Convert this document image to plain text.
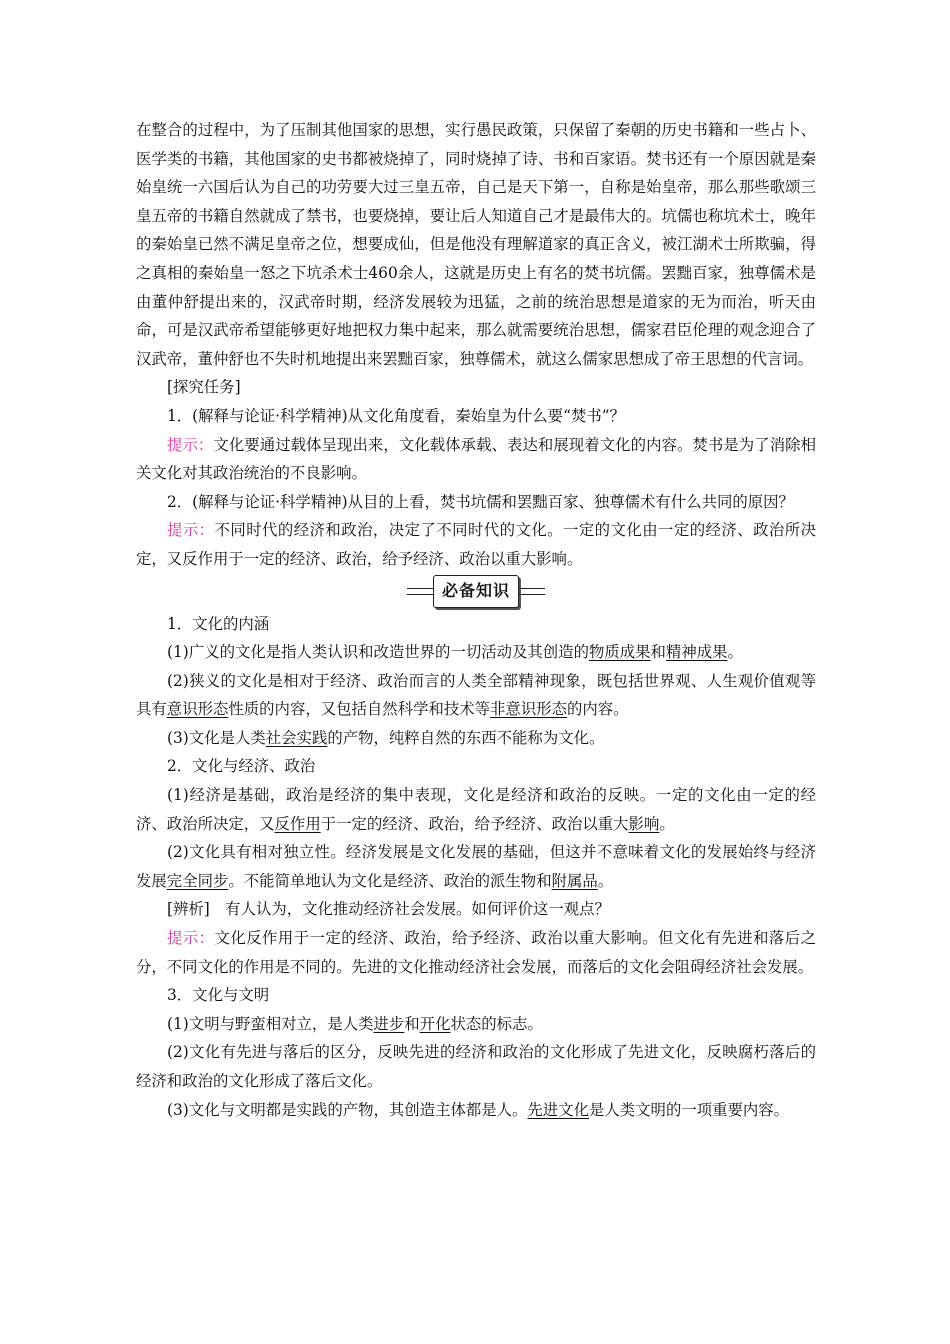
在整合的过程中，为了压制其他国家的思想，实行愚民政策，只保留了秦朝的历史书籍和一些占卜、医学类的书籍，其他国家的史书都被烧掉了，同时烧掉了诗、书和百家语。焚书还有一个原因就是秦始皇统一六国后认为自己的功劳要大过三皇五帝，自己是天下第一，自称是始皇帝，那么那些歌颂三皇五帝的书籍自然就成了禁书，也要烧掉，要让后人知道自己才是最伟大的。坑儒也称坑术士，晚年的秦始皇已然不满足皇帝之位，想要成仙，但是他没有理解道家的真正含义，被江湖术士所欺骗，得之真相的秦始皇一怒之下坑杀术士460余人，这就是历史上有名的焚书坑儒。罢黜百家，独尊儒术是由董仲舒提出来的，汉武帝时期，经济发展较为迅猛，之前的统治思想是道家的无为而治，听天由命，可是汉武帝希望能够更好地把权力集中起来，那么就需要统治思想，儒家君臣伦理的观念迎合了汉武帝，董仲舒也不失时机地提出来罢黜百家，独尊儒术，就这么儒家思想成了帝王思想的代言词。

[探究任务]

1．(解释与论证·科学精神)从文化角度看，秦始皇为什么要“焚书”？

提示：文化要通过载体呈现出来，文化载体承载、表达和展现着文化的内容。焚书是为了消除相关文化对其政治统治的不良影响。

2．(解释与论证·科学精神)从目的上看，焚书坑儒和罢黜百家、独尊儒术有什么共同的原因？

提示：不同时代的经济和政治，决定了不同时代的文化。一定的文化由一定的经济、政治所决定，又反作用于一定的经济、政治，给予经济、政治以重大影响。

必备知识

1．文化的内涵

(1)广义的文化是指人类认识和改造世界的一切活动及其创造的物质成果和精神成果。

(2)狭义的文化是相对于经济、政治而言的人类全部精神现象，既包括世界观、人生观价值观等具有意识形态性质的内容，又包括自然科学和技术等非意识形态的内容。

(3)文化是人类社会实践的产物，纯粹自然的东西不能称为文化。

2．文化与经济、政治

(1)经济是基础，政治是经济的集中表现，文化是经济和政治的反映。一定的文化由一定的经济、政治所决定，又反作用于一定的经济、政治，给予经济、政治以重大影响。

(2)文化具有相对独立性。经济发展是文化发展的基础，但这并不意味着文化的发展始终与经济发展完全同步。不能简单地认为文化是经济、政治的派生物和附属品。

[辨析]　有人认为，文化推动经济社会发展。如何评价这一观点？

提示：文化反作用于一定的经济、政治，给予经济、政治以重大影响。但文化有先进和落后之分，不同文化的作用是不同的。先进的文化推动经济社会发展，而落后的文化会阻碍经济社会发展。

3．文化与文明

(1)文明与野蛮相对立，是人类进步和开化状态的标志。

(2)文化有先进与落后的区分，反映先进的经济和政治的文化形成了先进文化，反映腐朽落后的经济和政治的文化形成了落后文化。

(3)文化与文明都是实践的产物，其创造主体都是人。先进文化是人类文明的一项重要内容。
